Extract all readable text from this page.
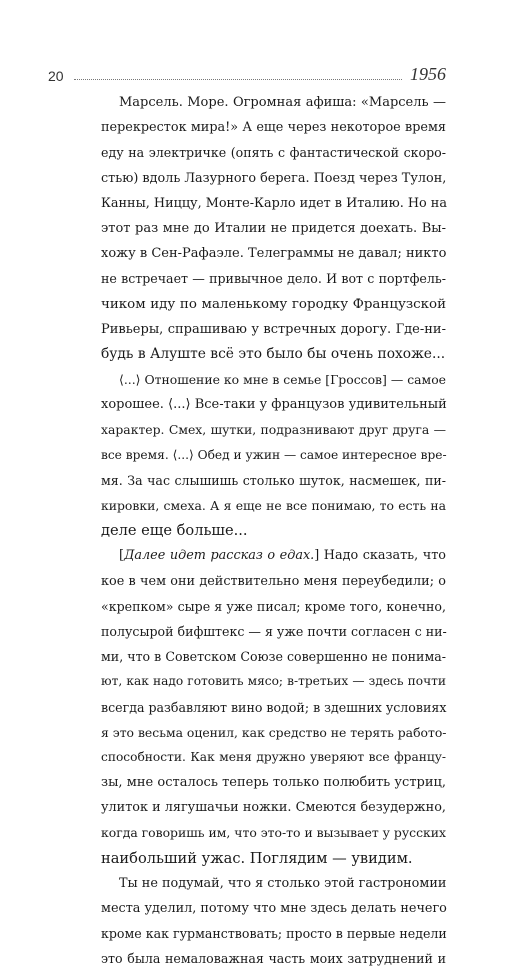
20	1956
Марсель. Море. Огромная афиша: «Марсель —
перекресток мира!» А еще через некоторое время
еду на электричке (опять с фантастической скоро-
стью) вдоль Лазурного берега. Поезд через Тулон,
Канны, Ниццу, Монте-Карло идет в Италию. Но на
этот раз мне до Италии не придется доехать. Вы-
хожу в Сен-Рафаэле. Телеграммы не давал; никто
не встречает — привычное дело. И вот с портфель-
чиком иду по маленькому городку Французской
Ривьеры, спрашиваю у встречных дорогу. Где-ни-
будь в Алуште всё это было бы очень похоже...
⟨...⟩ Отношение ко мне в семье [Гроссов] — самое
хорошее. ⟨...⟩ Все-таки у французов удивительный
характер. Смех, шутки, подразнивают друг друга —
все время. ⟨...⟩ Обед и ужин — самое интересное вре-
мя. За час слышишь столько шуток, насмешек, пи-
кировки, смеха. А я еще не все понимаю, то есть на
деле еще больше...
[Далее идет рассказ о едах.] Надо сказать, что
кое в чем они действительно меня переубедили; о
«крепком» сыре я уже писал; кроме того, конечно,
полусырой бифштекс — я уже почти согласен с ни-
ми, что в Советском Союзе совершенно не понима-
ют, как надо готовить мясо; в-третьих — здесь почти
всегда разбавляют вино водой; в здешних условиях
я это весьма оценил, как средство не терять работо-
способности. Как меня дружно уверяют все францу-
зы, мне осталось теперь только полюбить устриц,
улиток и лягушачьи ножки. Смеются безудержно,
когда говоришь им, что это-то и вызывает у русских
наибольший ужас. Поглядим — увидим.
Ты не подумай, что я столько этой гастрономии
места уделил, потому что мне здесь делать нечего
кроме как гурманствовать; просто в первые недели
это была немаловажная часть моих затруднений и
